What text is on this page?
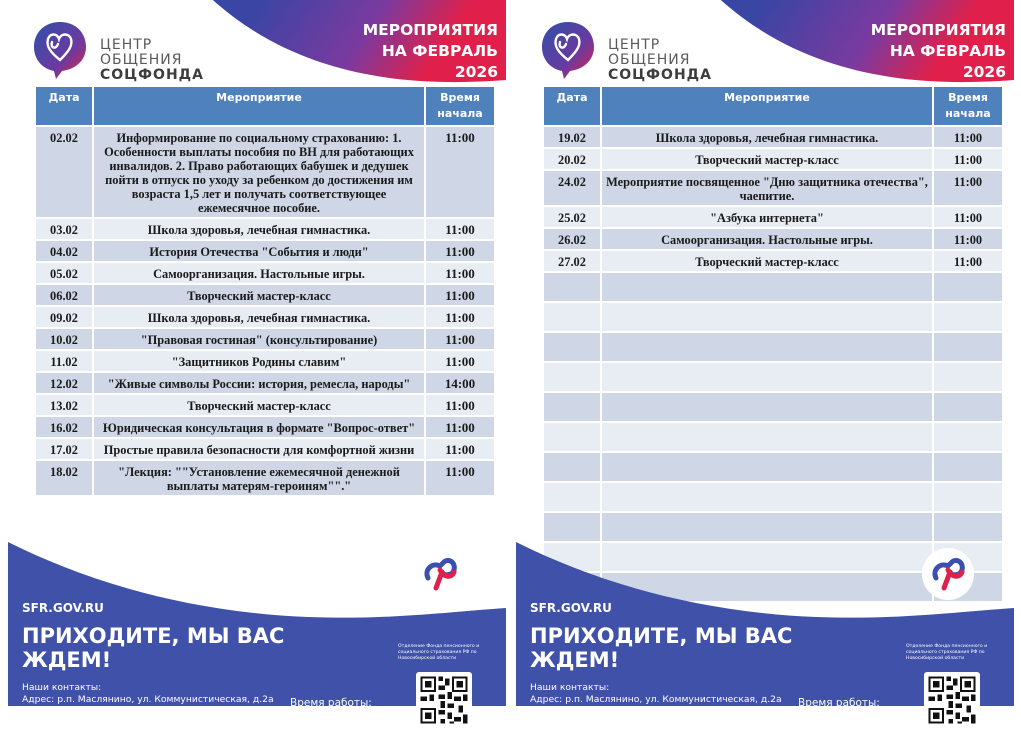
ЦЕНТР
ОБЩЕНИЯ
СОЦФОНДА
МЕРОПРИЯТИЯ
НА ФЕВРАЛЬ
2026
Дата	Мероприятие	Время
начала
02.02	Информирование по социальному страхованию: 1. Особенности выплаты пособия по ВН для работающих инвалидов. 2. Право работающих бабушек и дедушек пойти в отпуск по уходу за ребенком до достижения им возраста 1,5 лет и получать соответствующее ежемесячное пособие.	11:00
03.02	Школа здоровья, лечебная гимнастика.	11:00
04.02	История Отечества "События и люди"	11:00
05.02	Самоорганизация. Настольные игры.	11:00
06.02	Творческий мастер-класс	11:00
09.02	Школа здоровья, лечебная гимнастика.	11:00
10.02	"Правовая гостиная" (консультирование)	11:00
11.02	"Защитников Родины славим"	11:00
12.02	"Живые символы России: история, ремесла, народы"	14:00
13.02	Творческий мастер-класс	11:00
16.02	Юридическая консультация в формате "Вопрос-ответ"	11:00
17.02	Простые правила безопасности для комфортной жизни	11:00
18.02	"Лекция: ""Установление ежемесячной денежной выплаты матерям-героиням""."	11:00
SFR.GOV.RU
ПРИХОДИТЕ, МЫ ВАС
ЖДЕМ!
Отделение Фонда пенсионного и социального страхования РФ по Новосибирской области
Наши контакты:
Адрес: р.п. Маслянино, ул. Коммунистическая, д.2а
Контактный номер 8(383-47) 21-209
ФИО Порхачёва Наталья Александровна
Время работы:
пн – пт 09:30 – 17:30
ЦЕНТР
ОБЩЕНИЯ
СОЦФОНДА
МЕРОПРИЯТИЯ
НА ФЕВРАЛЬ
2026
Дата	Мероприятие	Время
начала
19.02	Школа здоровья, лечебная гимнастика.	11:00
20.02	Творческий мастер-класс	11:00
24.02	Мероприятие посвященное "Дню защитника отечества", чаепитие.	11:00
25.02	"Азбука интернета"	11:00
26.02	Самоорганизация. Настольные игры.	11:00
27.02	Творческий мастер-класс	11:00

SFR.GOV.RU
ПРИХОДИТЕ, МЫ ВАС
ЖДЕМ!
Отделение Фонда пенсионного и социального страхования РФ по Новосибирской области
Наши контакты:
Адрес: р.п. Маслянино, ул. Коммунистическая, д.2а
Контактный номер 8(383-47) 21-209
ФИО Порхачёва Наталья Александровна
Время работы:
пн – пт 09:30 – 17:30
